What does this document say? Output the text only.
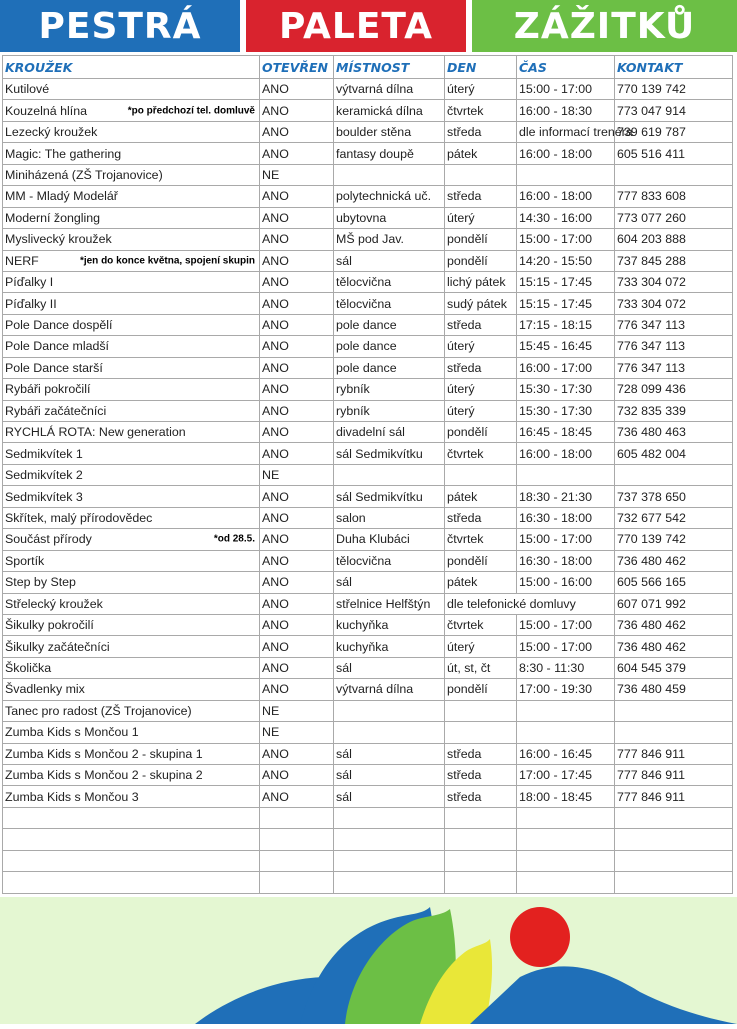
PESTRÁ	PALETA	ZÁŽITKŮ
KROUŽEK	OTEVŘEN	MÍSTNOST	DEN	ČAS	KONTAKT
Kutilové	ANO	výtvarná dílna	úterý	15:00 - 17:00	770 139 742
Kouzelná hlína *po předchozí tel. domluvě	ANO	keramická dílna	čtvrtek	16:00 - 18:30	773 047 914
Lezecký kroužek	ANO	boulder stěna	středa	dle informací trenéra	739 619 787
Magic: The gathering	ANO	fantasy doupě	pátek	16:00 - 18:00	605 516 411
Miniházená (ZŠ Trojanovice)	NE				
MM - Mladý Modelář	ANO	polytechnická uč.	středa	16:00 - 18:00	777 833 608
Moderní žongling	ANO	ubytovna	úterý	14:30 - 16:00	773 077 260
Myslivecký kroužek	ANO	MŠ pod Jav.	pondělí	15:00 - 17:00	604 203 888
NERF *jen do konce května, spojení skupin	ANO	sál	pondělí	14:20 - 15:50	737 845 288
Píďalky I	ANO	tělocvična	lichý pátek	15:15 - 17:45	733 304 072
Píďalky II	ANO	tělocvična	sudý pátek	15:15 - 17:45	733 304 072
Pole Dance dospělí	ANO	pole dance	středa	17:15 - 18:15	776 347 113
Pole Dance mladší	ANO	pole dance	úterý	15:45 - 16:45	776 347 113
Pole Dance starší	ANO	pole dance	středa	16:00 - 17:00	776 347 113
Rybáři pokročilí	ANO	rybník	úterý	15:30 - 17:30	728 099 436
Rybáři začátečníci	ANO	rybník	úterý	15:30 - 17:30	732 835 339
RYCHLÁ ROTA: New generation	ANO	divadelní sál	pondělí	16:45 - 18:45	736 480 463
Sedmikvítek 1	ANO	sál Sedmikvítku	čtvrtek	16:00 - 18:00	605 482 004
Sedmikvítek 2	NE				
Sedmikvítek 3	ANO	sál Sedmikvítku	pátek	18:30 - 21:30	737 378 650
Skřítek, malý přírodovědec	ANO	salon	středa	16:30 - 18:00	732 677 542
Součást přírody *od 28.5.	ANO	Duha Klubáci	čtvrtek	15:00 - 17:00	770 139 742
Sportík	ANO	tělocvična	pondělí	16:30 - 18:00	736 480 462
Step by Step	ANO	sál	pátek	15:00 - 16:00	605 566 165
Střelecký kroužek	ANO	střelnice Helfštýn	dle telefonické domluvy		607 071 992
Šikulky pokročilí	ANO	kuchyňka	čtvrtek	15:00 - 17:00	736 480 462
Šikulky začátečníci	ANO	kuchyňka	úterý	15:00 - 17:00	736 480 462
Školička	ANO	sál	út, st, čt	8:30 - 11:30	604 545 379
Švadlenky mix	ANO	výtvarná dílna	pondělí	17:00 - 19:30	736 480 459
Tanec pro radost (ZŠ Trojanovice)	NE				
Zumba Kids s Mončou 1	NE				
Zumba Kids s Mončou 2 - skupina 1	ANO	sál	středa	16:00 - 16:45	777 846 911
Zumba Kids s Mončou 2 - skupina 2	ANO	sál	středa	17:00 - 17:45	777 846 911
Zumba Kids s Mončou 3	ANO	sál	středa	18:00 - 18:45	777 846 911
